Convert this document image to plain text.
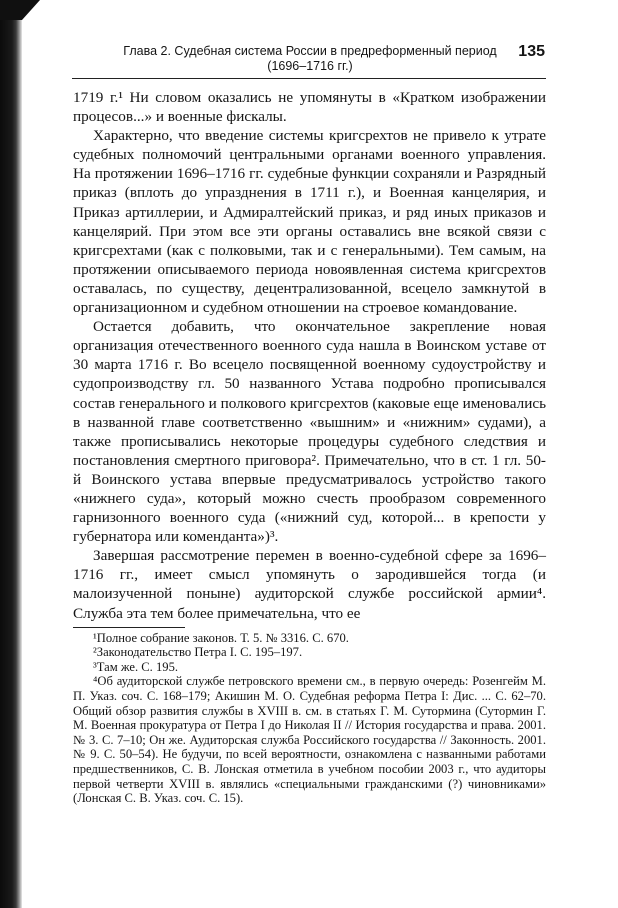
Глава 2. Судебная система России в предреформенный период (1696–1716 гг.)
135

1719 г.¹ Ни словом оказались не упомянуты в «Кратком изображении процесов...» и военные фискалы.

Характерно, что введение системы кригсрехтов не привело к утрате судебных полномочий центральными органами военного управления. На протяжении 1696–1716 гг. судебные функции сохраняли и Разрядный приказ (вплоть до упразднения в 1711 г.), и Военная канцелярия, и Приказ артиллерии, и Адмиралтейский приказ, и ряд иных приказов и канцелярий. При этом все эти органы оставались вне всякой связи с кригсрехтами (как с полковыми, так и с генеральными). Тем самым, на протяжении описываемого периода новоявленная система кригсрехтов оставалась, по существу, децентрализованной, всецело замкнутой в организационном и судебном отношении на строевое командование.

Остается добавить, что окончательное закрепление новая организация отечественного военного суда нашла в Воинском уставе от 30 марта 1716 г. Во всецело посвященной военному судоустройству и судопроизводству гл. 50 названного Устава подробно прописывался состав генерального и полкового кригсрехтов (каковые еще именовались в названной главе соответственно «вышним» и «нижним» судами), а также прописывались некоторые процедуры судебного следствия и постановления смертного приговора². Примечательно, что в ст. 1 гл. 50-й Воинского устава впервые предусматривалось устройство такого «нижнего суда», который можно счесть прообразом современного гарнизонного военного суда («нижний суд, которой... в крепости у губернатора или коменданта»)³.

Завершая рассмотрение перемен в военно-судебной сфере за 1696–1716 гг., имеет смысл упомянуть о зародившейся тогда (и малоизученной поныне) аудиторской службе российской армии⁴. Служба эта тем более примечательна, что ее

¹Полное собрание законов. Т. 5. № 3316. С. 670.

²Законодательство Петра I. С. 195–197.

³Там же. С. 195.

⁴Об аудиторской службе петровского времени см., в первую очередь: Розенгейм М. П. Указ. соч. С. 168–179; Акишин М. О. Судебная реформа Петра I: Дис. ... С. 62–70. Общий обзор развития службы в XVIII в. см. в статьях Г. М. Сутормина (Сутормин Г. М. Военная прокуратура от Петра I до Николая II // История государства и права. 2001. № 3. С. 7–10; Он же. Аудиторская служба Российского государства // Законность. 2001. № 9. С. 50–54). Не будучи, по всей вероятности, ознакомлена с названными работами предшественников, С. В. Лонская отметила в учебном пособии 2003 г., что аудиторы первой четверти XVIII в. являлись «специальными гражданскими (?) чиновниками» (Лонская С. В. Указ. соч. С. 15).
